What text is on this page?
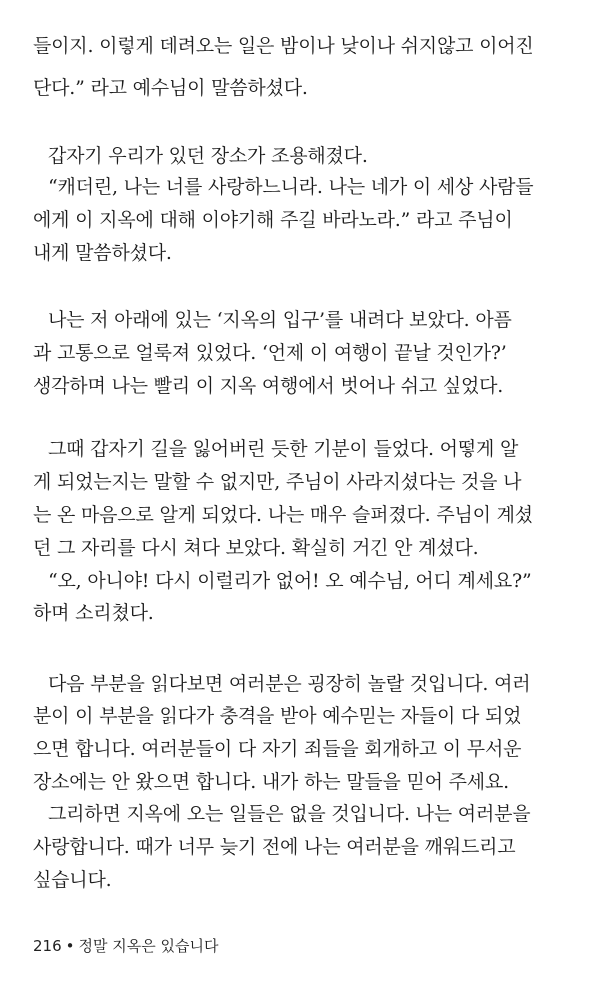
들이지. 이렇게 데려오는 일은 밤이나 낮이나 쉬지않고 이어진
단다.” 라고 예수님이 말씀하셨다.
갑자기 우리가 있던 장소가 조용해졌다.
“캐더린, 나는 너를 사랑하느니라. 나는 네가 이 세상 사람들
에게 이 지옥에 대해 이야기해 주길 바라노라.” 라고 주님이
내게 말씀하셨다.
나는 저 아래에 있는 ‘지옥의 입구’를 내려다 보았다. 아픔
과 고통으로 얼룩져 있었다. ‘언제 이 여행이 끝날 것인가?’
생각하며 나는 빨리 이 지옥 여행에서 벗어나 쉬고 싶었다.
그때 갑자기 길을 잃어버린 듯한 기분이 들었다. 어떻게 알
게 되었는지는 말할 수 없지만, 주님이 사라지셨다는 것을 나
는 온 마음으로 알게 되었다. 나는 매우 슬퍼졌다. 주님이 계셨
던 그 자리를 다시 쳐다 보았다. 확실히 거긴 안 계셨다.
“오, 아니야! 다시 이럴리가 없어! 오 예수님, 어디 계세요?”
하며 소리쳤다.
다음 부분을 읽다보면 여러분은 굉장히 놀랄 것입니다. 여러
분이 이 부분을 읽다가 충격을 받아 예수믿는 자들이 다 되었
으면 합니다. 여러분들이 다 자기 죄들을 회개하고 이 무서운
장소에는 안 왔으면 합니다. 내가 하는 말들을 믿어 주세요.
그리하면 지옥에 오는 일들은 없을 것입니다. 나는 여러분을
사랑합니다. 때가 너무 늦기 전에 나는 여러분을 깨워드리고
싶습니다.
216 • 정말 지옥은 있습니다
